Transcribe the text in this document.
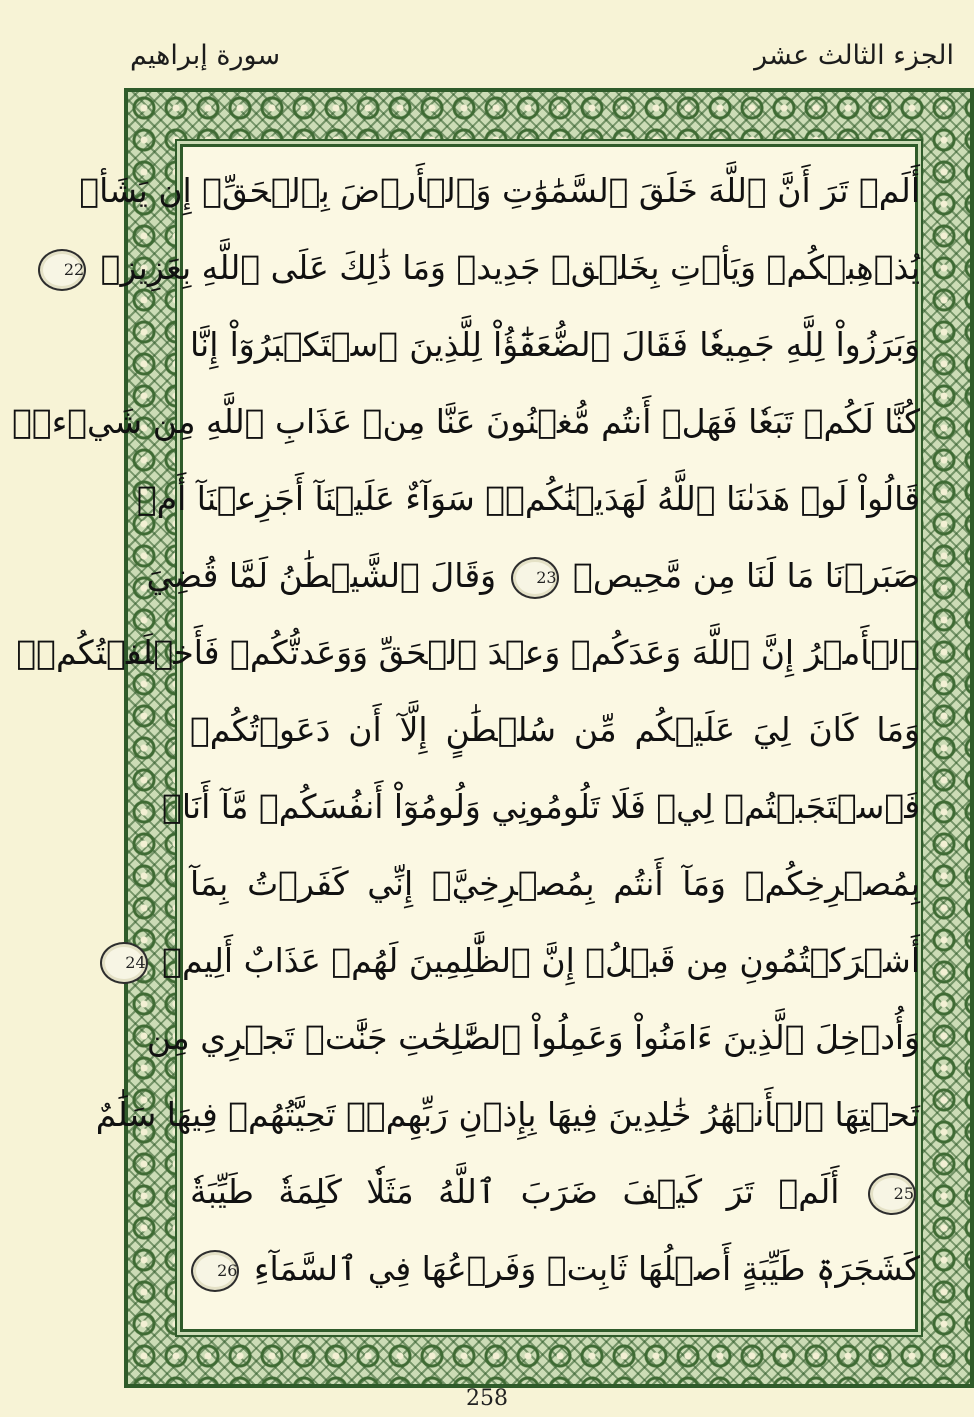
الجزء الثالث عشر
سورة إبراهيم
أَلَمۡ تَرَ أَنَّ ٱللَّهَ خَلَقَ ٱلسَّمَٰوَٰتِ وَٱلۡأَرۡضَ بِٱلۡحَقِّۚ إِن يَشَأۡ
يُذۡهِبۡكُمۡ وَيَأۡتِ بِخَلۡقٖ جَدِيدٖ وَمَا ذَٰلِكَ عَلَى ٱللَّهِ بِعَزِيزٖ 22
وَبَرَزُواْ لِلَّهِ جَمِيعٗا فَقَالَ ٱلضُّعَفَٰٓؤُاْ لِلَّذِينَ ٱسۡتَكۡبَرُوٓاْ إِنَّا
كُنَّا لَكُمۡ تَبَعٗا فَهَلۡ أَنتُم مُّغۡنُونَ عَنَّا مِنۡ عَذَابِ ٱللَّهِ مِن شَيۡءٖۚ
قَالُواْ لَوۡ هَدَىٰنَا ٱللَّهُ لَهَدَيۡنَٰكُمۡۖ سَوَآءٌ عَلَيۡنَآ أَجَزِعۡنَآ أَمۡ
صَبَرۡنَا مَا لَنَا مِن مَّحِيصٖ 23 وَقَالَ ٱلشَّيۡطَٰنُ لَمَّا قُضِيَ
ٱلۡأَمۡرُ إِنَّ ٱللَّهَ وَعَدَكُمۡ وَعۡدَ ٱلۡحَقِّ وَوَعَدتُّكُمۡ فَأَخۡلَفۡتُكُمۡۖ
وَمَا كَانَ لِيَ عَلَيۡكُم مِّن سُلۡطَٰنٍ إِلَّآ أَن دَعَوۡتُكُمۡ
فَٱسۡتَجَبۡتُمۡ لِيۖ فَلَا تَلُومُونِي وَلُومُوٓاْ أَنفُسَكُمۖ مَّآ أَنَا۠
بِمُصۡرِخِكُمۡ وَمَآ أَنتُم بِمُصۡرِخِيَّۖ إِنِّي كَفَرۡتُ بِمَآ
أَشۡرَكۡتُمُونِ مِن قَبۡلُۗ إِنَّ ٱلظَّٰلِمِينَ لَهُمۡ عَذَابٌ أَلِيمٞ 24
وَأُدۡخِلَ ٱلَّذِينَ ءَامَنُواْ وَعَمِلُواْ ٱلصَّٰلِحَٰتِ جَنَّٰتٖ تَجۡرِي مِن
تَحۡتِهَا ٱلۡأَنۡهَٰرُ خَٰلِدِينَ فِيهَا بِإِذۡنِ رَبِّهِمۡۖ تَحِيَّتُهُمۡ فِيهَا سَلَٰمٌ
25 أَلَمۡ تَرَ كَيۡفَ ضَرَبَ ٱللَّهُ مَثَلٗا كَلِمَةٗ طَيِّبَةٗ
كَشَجَرَةٖ طَيِّبَةٍ أَصۡلُهَا ثَابِتٞ وَفَرۡعُهَا فِي ٱلسَّمَآءِ 26
258
